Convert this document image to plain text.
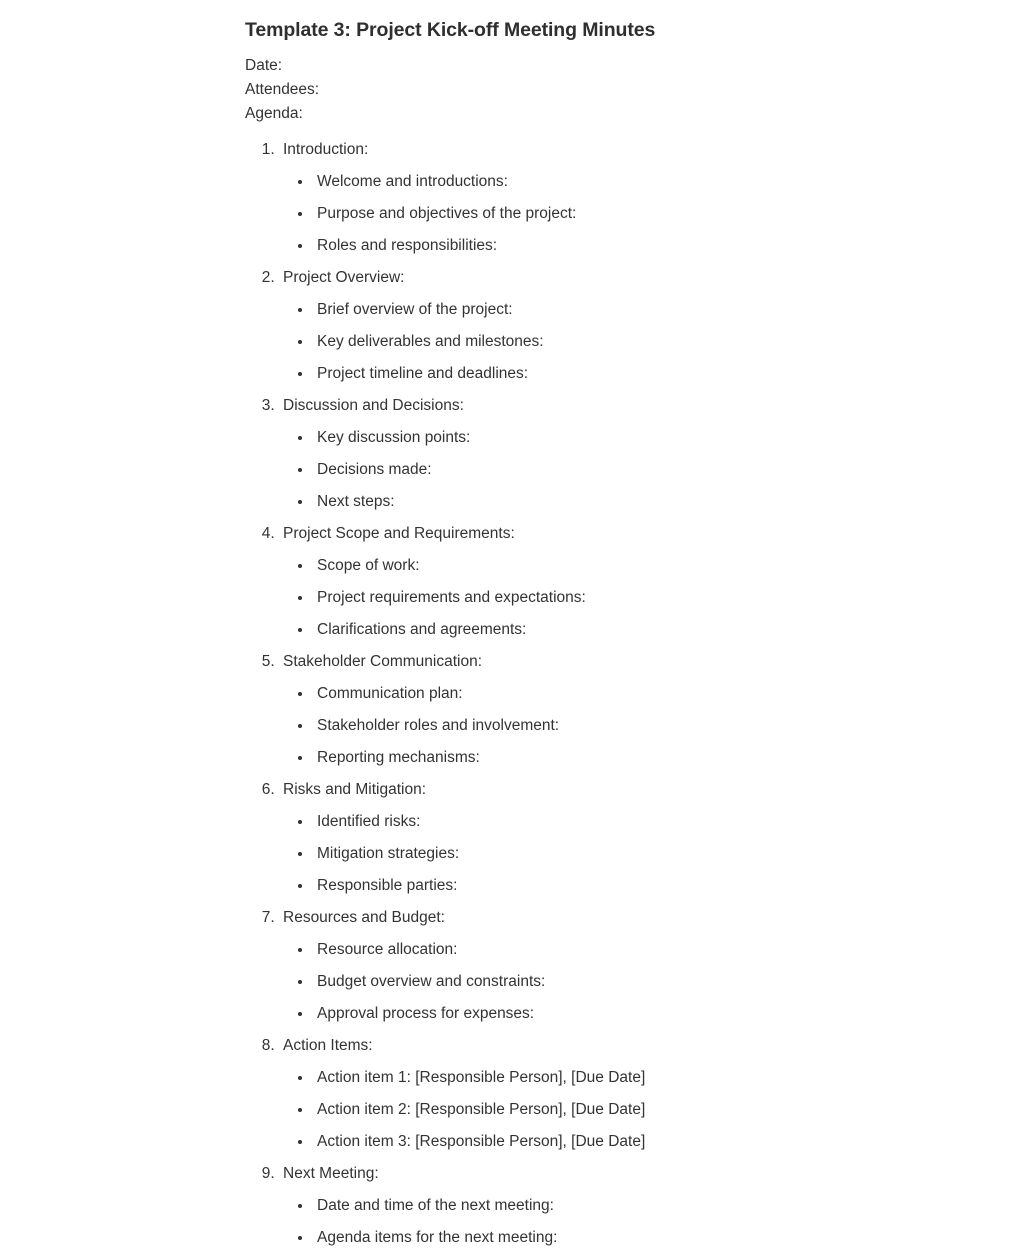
Template 3: Project Kick-off Meeting Minutes
Date:
Attendees:
Agenda:
1. Introduction:
• Welcome and introductions:
• Purpose and objectives of the project:
• Roles and responsibilities:
2. Project Overview:
• Brief overview of the project:
• Key deliverables and milestones:
• Project timeline and deadlines:
3. Discussion and Decisions:
• Key discussion points:
• Decisions made:
• Next steps:
4. Project Scope and Requirements:
• Scope of work:
• Project requirements and expectations:
• Clarifications and agreements:
5. Stakeholder Communication:
• Communication plan:
• Stakeholder roles and involvement:
• Reporting mechanisms:
6. Risks and Mitigation:
• Identified risks:
• Mitigation strategies:
• Responsible parties:
7. Resources and Budget:
• Resource allocation:
• Budget overview and constraints:
• Approval process for expenses:
8. Action Items:
• Action item 1: [Responsible Person], [Due Date]
• Action item 2: [Responsible Person], [Due Date]
• Action item 3: [Responsible Person], [Due Date]
9. Next Meeting:
• Date and time of the next meeting:
• Agenda items for the next meeting:
